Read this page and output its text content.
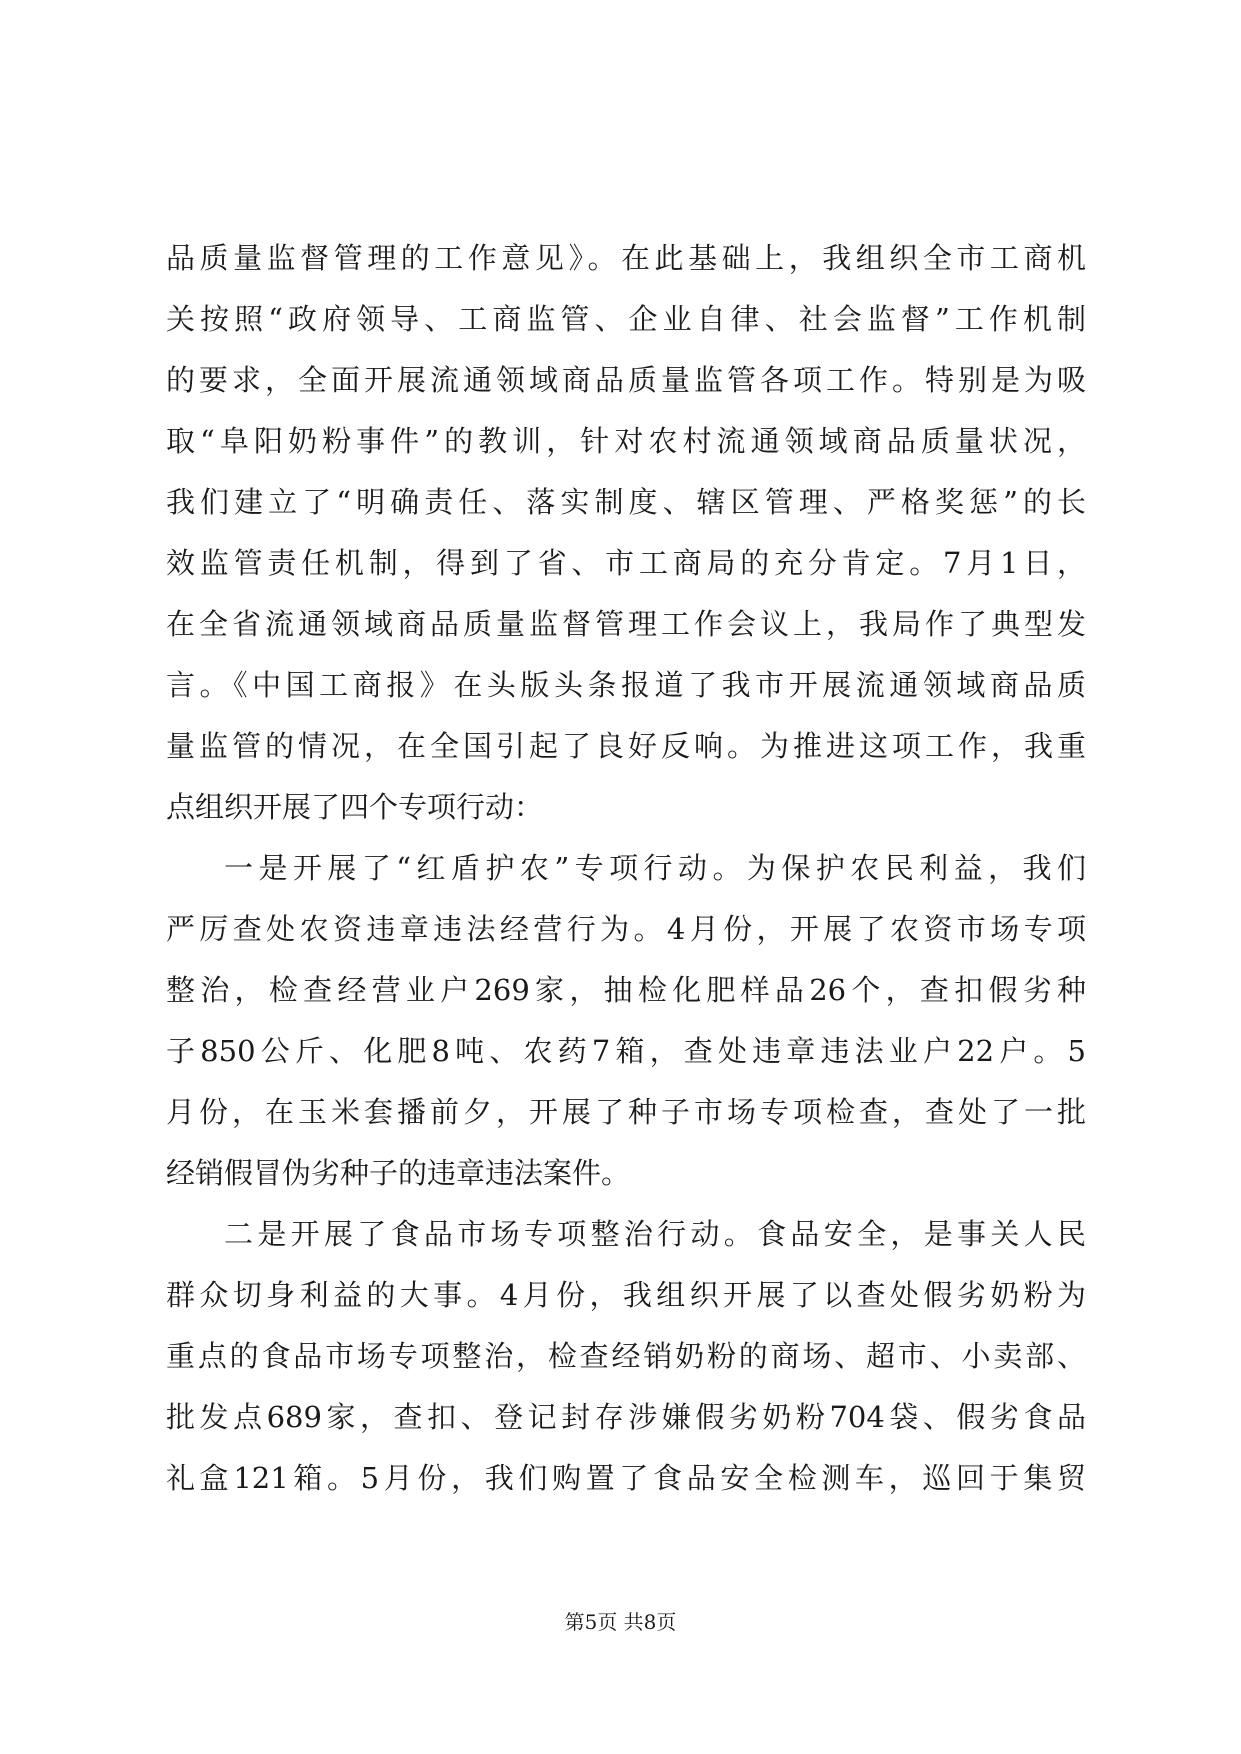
品质量监督管理的工作意见》。在此基础上，我组织全市工商机
关按照“政府领导、工商监管、企业自律、社会监督”工作机制
的要求，全面开展流通领域商品质量监管各项工作。特别是为吸
取“阜阳奶粉事件”的教训，针对农村流通领域商品质量状况，
我们建立了“明确责任、落实制度、辖区管理、严格奖惩”的长
效监管责任机制，得到了省、市工商局的充分肯定。7月1日，
在全省流通领域商品质量监督管理工作会议上，我局作了典型发
言。《中国工商报》在头版头条报道了我市开展流通领域商品质
量监管的情况，在全国引起了良好反响。为推进这项工作，我重
点组织开展了四个专项行动：
一是开展了“红盾护农”专项行动。为保护农民利益，我们
严厉查处农资违章违法经营行为。4月份，开展了农资市场专项
整治，检查经营业户269家，抽检化肥样品26个，查扣假劣种
子850公斤、化肥8吨、农药7箱，查处违章违法业户22户。5
月份，在玉米套播前夕，开展了种子市场专项检查，查处了一批
经销假冒伪劣种子的违章违法案件。
二是开展了食品市场专项整治行动。食品安全，是事关人民
群众切身利益的大事。4月份，我组织开展了以查处假劣奶粉为
重点的食品市场专项整治，检查经销奶粉的商场、超市、小卖部、
批发点689家，查扣、登记封存涉嫌假劣奶粉704袋、假劣食品
礼盒121箱。5月份，我们购置了食品安全检测车，巡回于集贸
第5页 共8页
